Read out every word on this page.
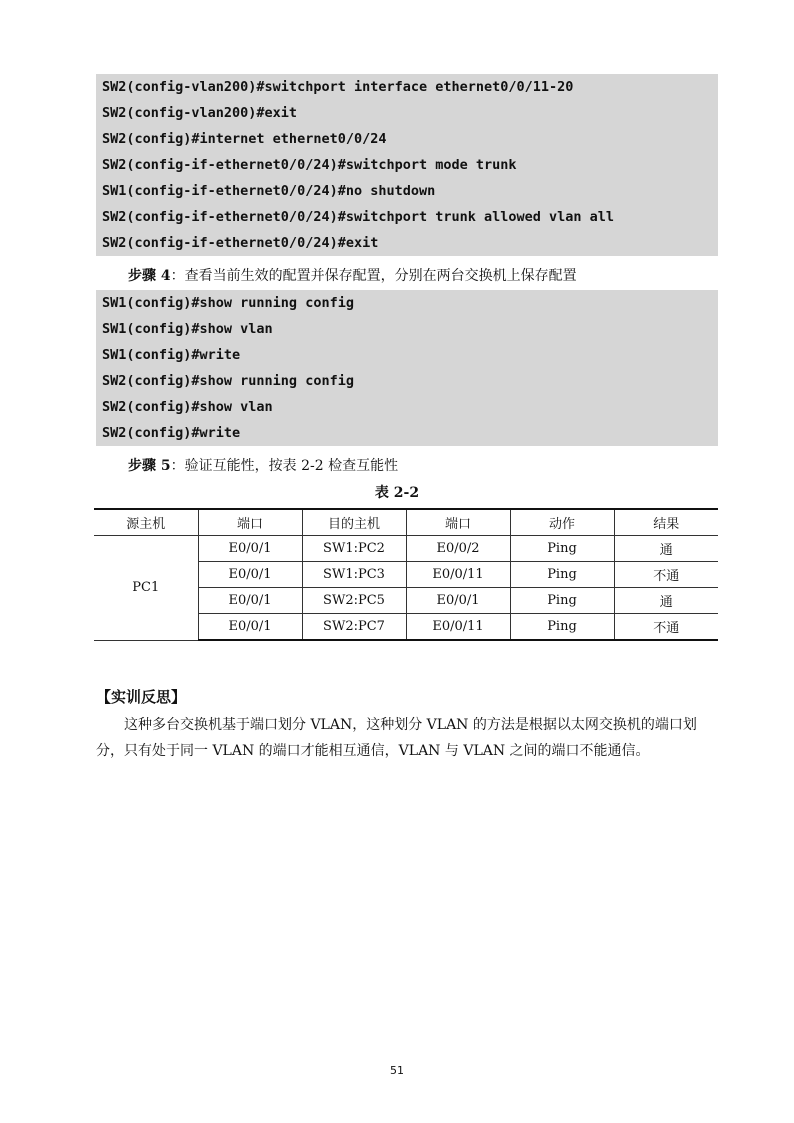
SW2(config-vlan200)#switchport interface ethernet0/0/11-20
SW2(config-vlan200)#exit
SW2(config)#internet ethernet0/0/24
SW2(config-if-ethernet0/0/24)#switchport mode trunk
SW1(config-if-ethernet0/0/24)#no shutdown
SW2(config-if-ethernet0/0/24)#switchport trunk allowed vlan all
SW2(config-if-ethernet0/0/24)#exit
步骤 4：查看当前生效的配置并保存配置，分别在两台交换机上保存配置
SW1(config)#show running config
SW1(config)#show vlan
SW1(config)#write
SW2(config)#show running config
SW2(config)#show vlan
SW2(config)#write
步骤 5：验证互能性，按表 2-2 检查互能性
表 2-2
源主机	端口	目的主机	端口	动作	结果
PC1	E0/0/1	SW1:PC2	E0/0/2	Ping	通
	E0/0/1	SW1:PC3	E0/0/11	Ping	不通
	E0/0/1	SW2:PC5	E0/0/1	Ping	通
	E0/0/1	SW2:PC7	E0/0/11	Ping	不通
【实训反思】
这种多台交换机基于端口划分 VLAN，这种划分 VLAN 的方法是根据以太网交换机的端口划分，只有处于同一 VLAN 的端口才能相互通信，VLAN 与 VLAN 之间的端口不能通信。
51
